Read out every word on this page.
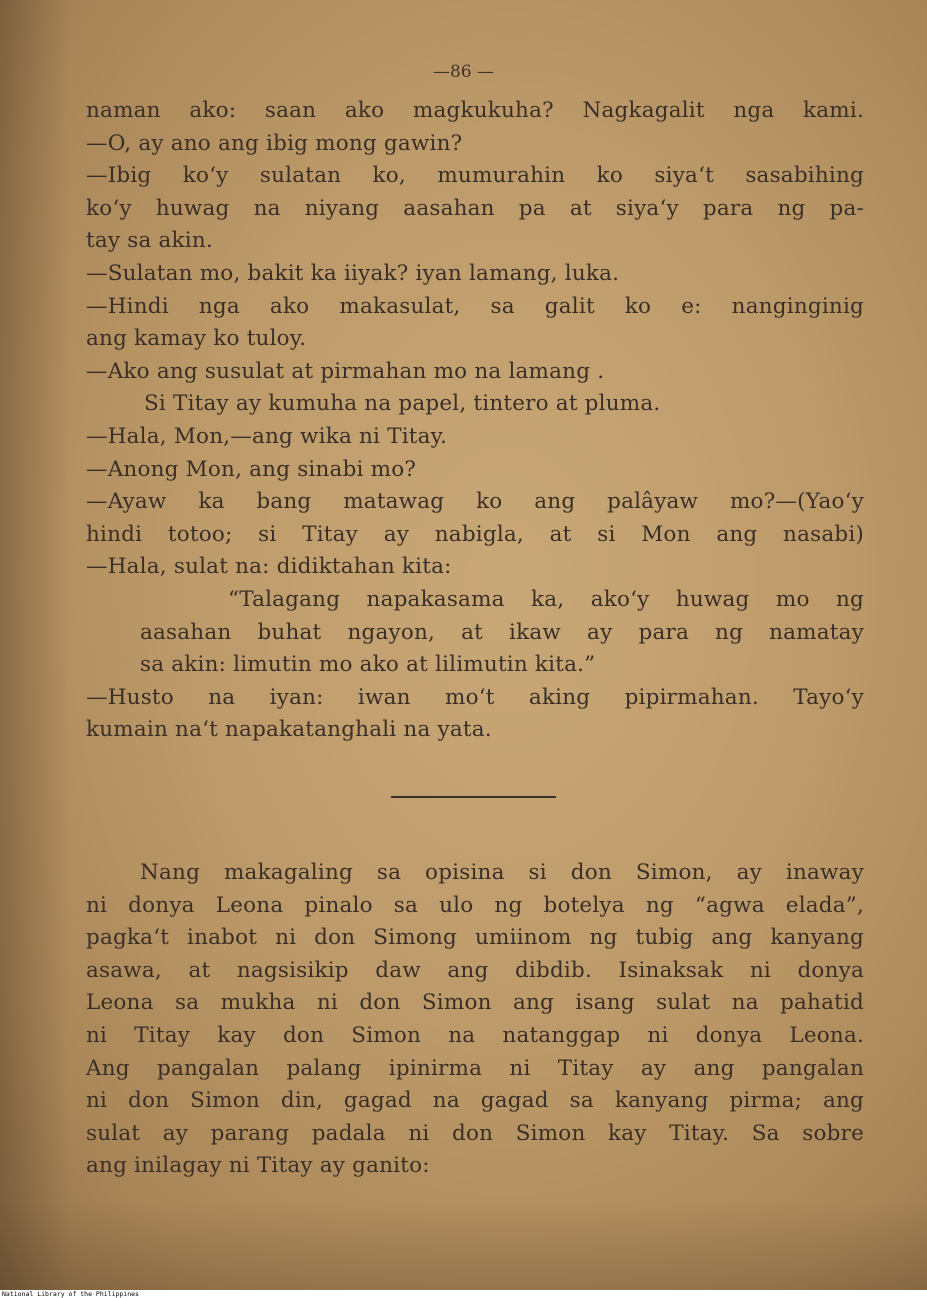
—86 —
naman ako: saan ako magkukuha? Nagkagalit nga kami.
—O, ay ano ang ibig mong gawin?
—Ibig ko‘y sulatan ko, mumurahin ko siya‘t sasabihing
ko‘y huwag na niyang aasahan pa at siya‘y para ng pa-
tay sa akin.
—Sulatan mo, bakit ka iiyak? iyan lamang, luka.
—Hindi nga ako makasulat, sa galit ko e: nanginginig
ang kamay ko tuloy.
—Ako ang susulat at pirmahan mo na lamang .
Si Titay ay kumuha na papel, tintero at pluma.
—Hala, Mon,—ang wika ni Titay.
—Anong Mon, ang sinabi mo?
—Ayaw ka bang matawag ko ang palâyaw mo?—(Yao‘y
hindi totoo; si Titay ay nabigla, at si Mon ang nasabi)
—Hala, sulat na: didiktahan kita:
“Talagang napakasama ka, ako‘y huwag mo ng
aasahan buhat ngayon, at ikaw ay para ng namatay
sa akin: limutin mo ako at lilimutin kita.”
—Husto na iyan: iwan mo‘t aking pipirmahan. Tayo‘y
kumain na‘t napakatanghali na yata.
Nang makagaling sa opisina si don Simon, ay inaway
ni donya Leona pinalo sa ulo ng botelya ng “agwa elada”,
pagka‘t inabot ni don Simong umiinom ng tubig ang kanyang
asawa, at nagsisikip daw ang dibdib. Isinaksak ni donya
Leona sa mukha ni don Simon ang isang sulat na pahatid
ni Titay kay don Simon na natanggap ni donya Leona.
Ang pangalan palang ipinirma ni Titay ay ang pangalan
ni don Simon din, gagad na gagad sa kanyang pirma; ang
sulat ay parang padala ni don Simon kay Titay. Sa sobre
ang inilagay ni Titay ay ganito:
National Library of the Philippines
